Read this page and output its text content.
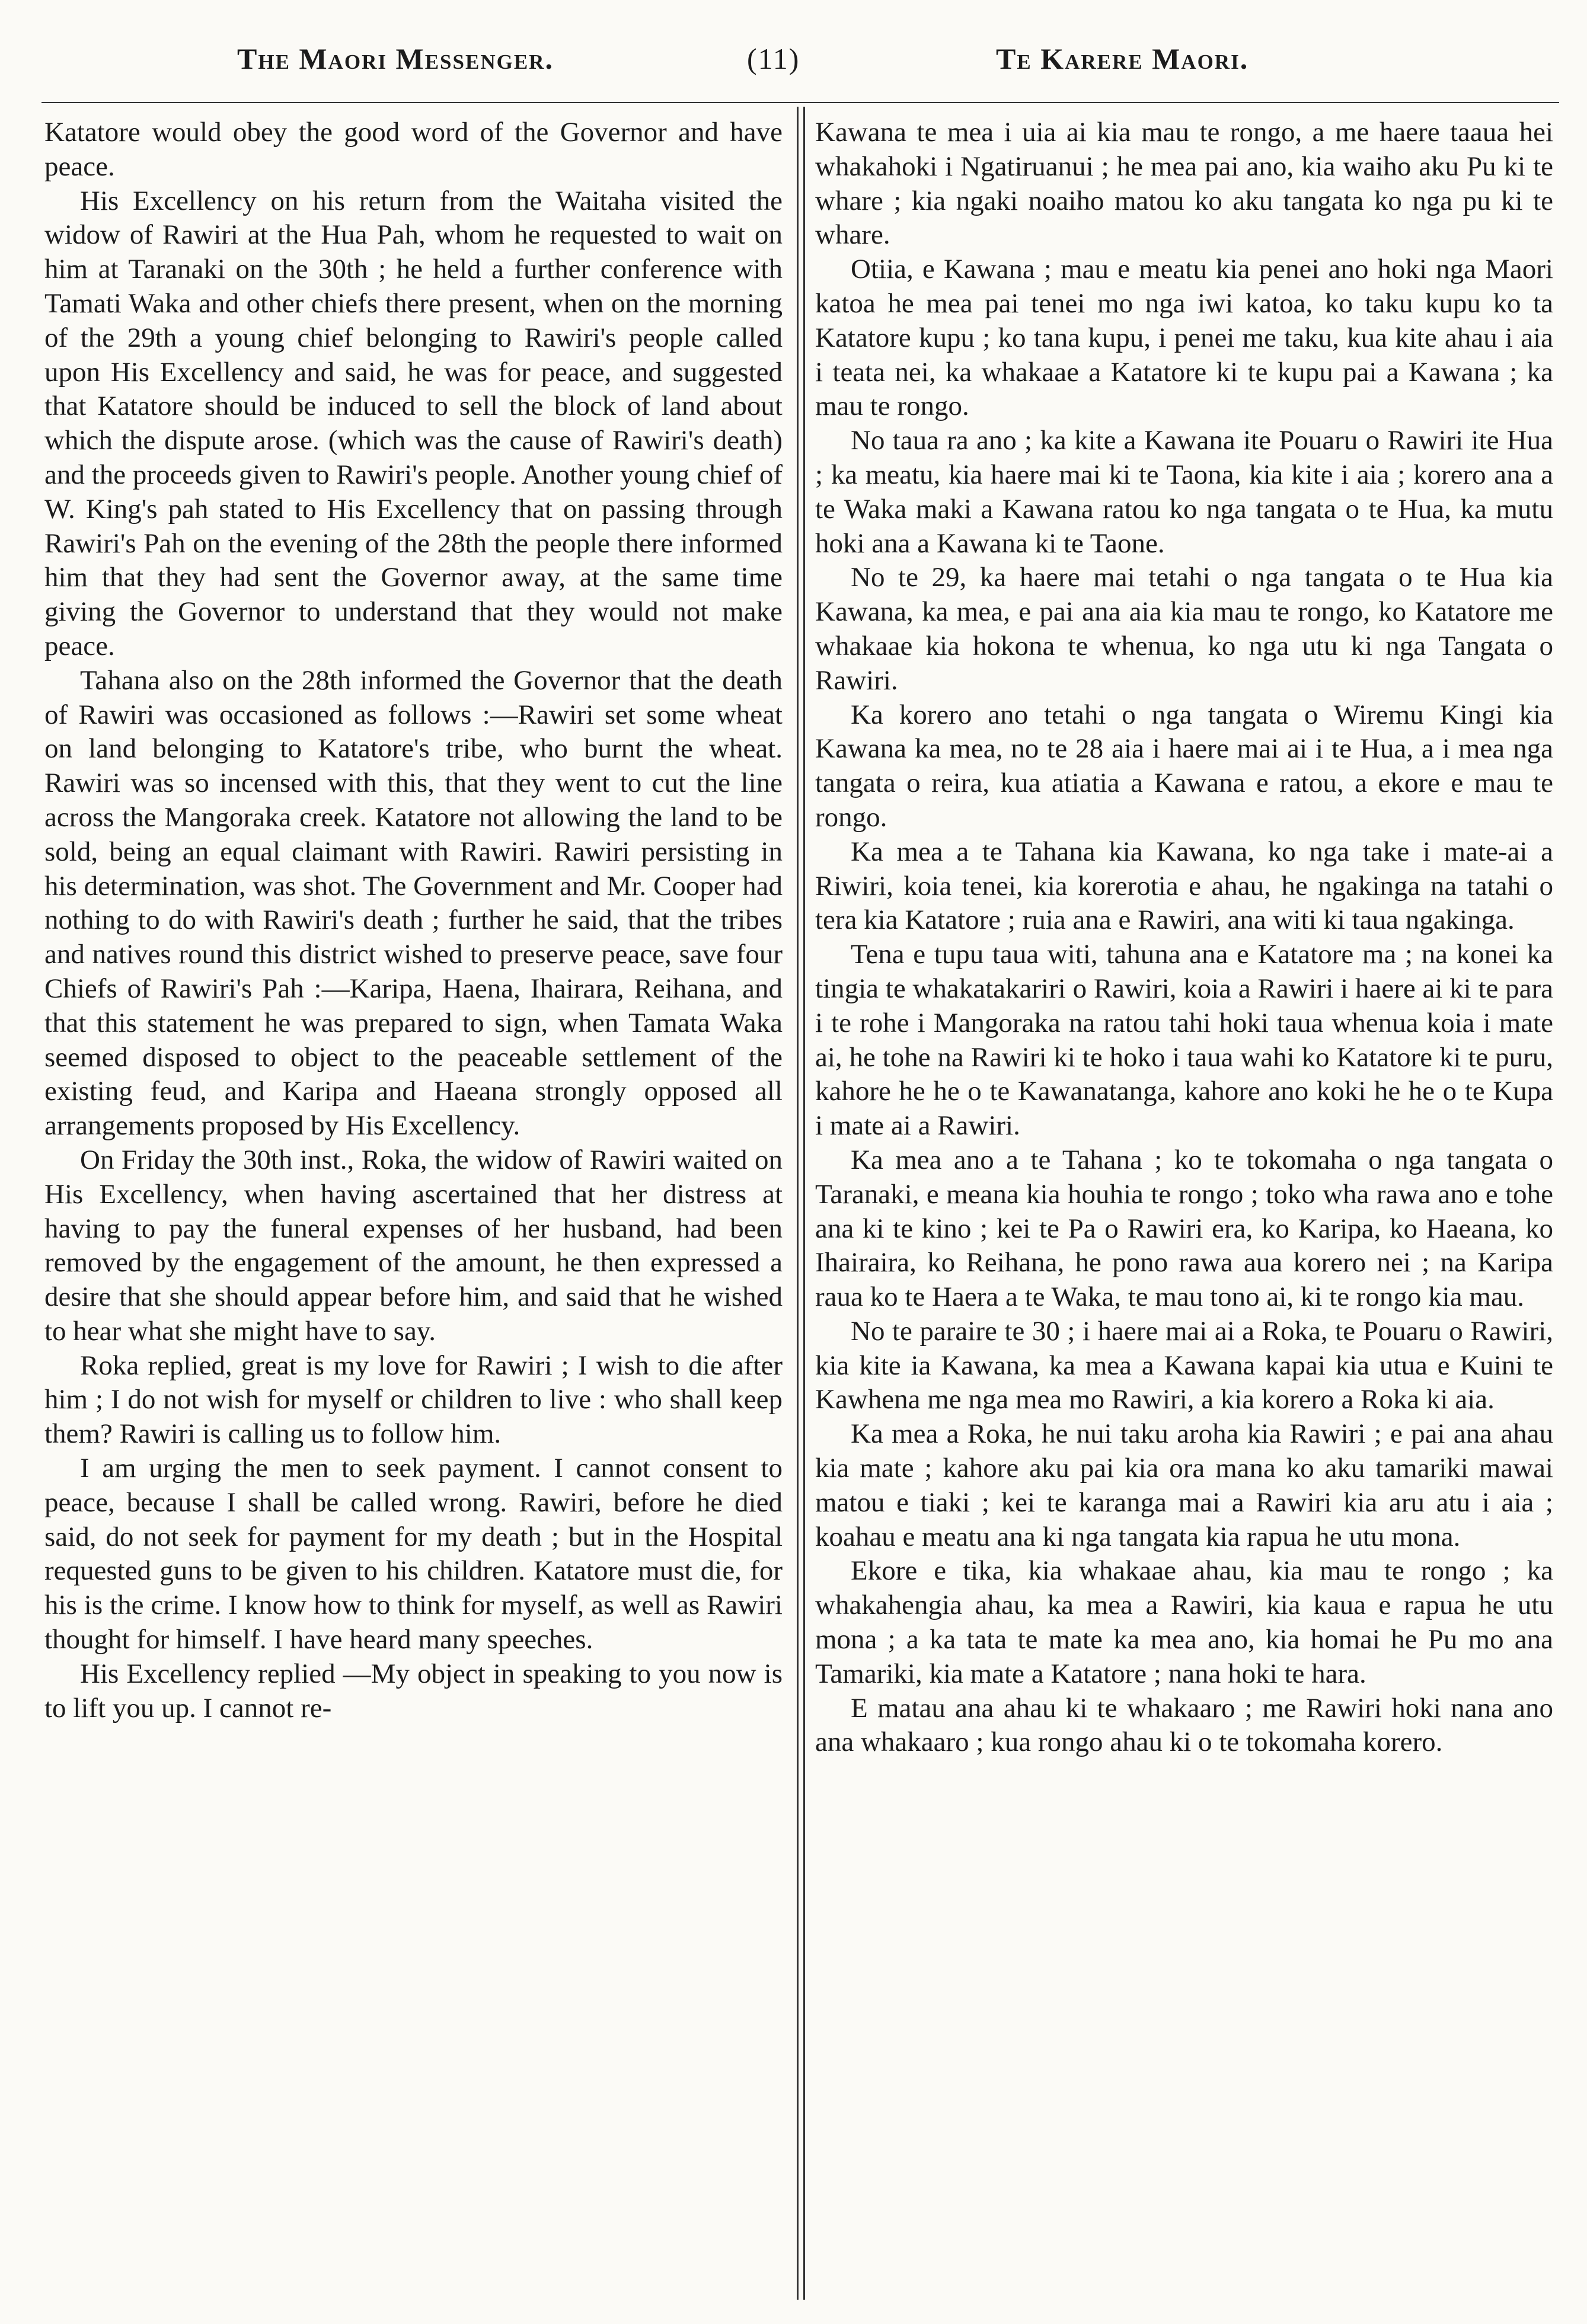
The Maori Messenger.	(11)	Te Karere Maori.

Katatore would obey the good word of the Governor and have peace.

His Excellency on his return from the Waitaha visited the widow of Rawiri at the Hua Pah, whom he requested to wait on him at Taranaki on the 30th ; he held a further conference with Tamati Waka and other chiefs there present, when on the morning of the 29th a young chief belonging to Rawiri's people called upon His Excellency and said, he was for peace, and suggested that Katatore should be induced to sell the block of land about which the dispute arose. (which was the cause of Rawiri's death) and the proceeds given to Rawiri's people. Another young chief of W. King's pah stated to His Excellency that on passing through Rawiri's Pah on the evening of the 28th the people there informed him that they had sent the Governor away, at the same time giving the Governor to understand that they would not make peace.

Tahana also on the 28th informed the Governor that the death of Rawiri was occasioned as follows :—Rawiri set some wheat on land belonging to Katatore's tribe, who burnt the wheat. Rawiri was so incensed with this, that they went to cut the line across the Mangoraka creek. Katatore not allowing the land to be sold, being an equal claimant with Rawiri. Rawiri persisting in his determination, was shot. The Government and Mr. Cooper had nothing to do with Rawiri's death ; further he said, that the tribes and natives round this district wished to preserve peace, save four Chiefs of Rawiri's Pah :—Karipa, Haena, Ihairara, Reihana, and that this statement he was prepared to sign, when Tamata Waka seemed disposed to object to the peaceable settlement of the existing feud, and Karipa and Haeana strongly opposed all arrangements proposed by His Excellency.

On Friday the 30th inst., Roka, the widow of Rawiri waited on His Excellency, when having ascertained that her distress at having to pay the funeral expenses of her husband, had been removed by the engagement of the amount, he then expressed a desire that she should appear before him, and said that he wished to hear what she might have to say.

Roka replied, great is my love for Rawiri ; I wish to die after him ; I do not wish for myself or children to live : who shall keep them? Rawiri is calling us to follow him.

I am urging the men to seek payment. I cannot consent to peace, because I shall be called wrong. Rawiri, before he died said, do not seek for payment for my death ; but in the Hospital requested guns to be given to his children. Katatore must die, for his is the crime. I know how to think for myself, as well as Rawiri thought for himself. I have heard many speeches.

His Excellency replied —My object in speaking to you now is to lift you up. I cannot re-

Kawana te mea i uia ai kia mau te rongo, a me haere taaua hei whakahoki i Ngatiruanui ; he mea pai ano, kia waiho aku Pu ki te whare ; kia ngaki noaiho matou ko aku tangata ko nga pu ki te whare.

Otiia, e Kawana ; mau e meatu kia penei ano hoki nga Maori katoa he mea pai tenei mo nga iwi katoa, ko taku kupu ko ta Katatore kupu ; ko tana kupu, i penei me taku, kua kite ahau i aia i teata nei, ka whakaae a Katatore ki te kupu pai a Kawana ; ka mau te rongo.

No taua ra ano ; ka kite a Kawana ite Pouaru o Rawiri ite Hua ; ka meatu, kia haere mai ki te Taona, kia kite i aia ; korero ana a te Waka maki a Kawana ratou ko nga tangata o te Hua, ka mutu hoki ana a Kawana ki te Taone.

No te 29, ka haere mai tetahi o nga tangata o te Hua kia Kawana, ka mea, e pai ana aia kia mau te rongo, ko Katatore me whakaae kia hokona te whenua, ko nga utu ki nga Tangata o Rawiri.

Ka korero ano tetahi o nga tangata o Wiremu Kingi kia Kawana ka mea, no te 28 aia i haere mai ai i te Hua, a i mea nga tangata o reira, kua atiatia a Kawana e ratou, a ekore e mau te rongo.

Ka mea a te Tahana kia Kawana, ko nga take i mate-ai a Riwiri, koia tenei, kia korerotia e ahau, he ngakinga na tatahi o tera kia Katatore ; ruia ana e Rawiri, ana witi ki taua ngakinga.

Tena e tupu taua witi, tahuna ana e Katatore ma ; na konei ka tingia te whakatakariri o Rawiri, koia a Rawiri i haere ai ki te para i te rohe i Mangoraka na ratou tahi hoki taua whenua koia i mate ai, he tohe na Rawiri ki te hoko i taua wahi ko Katatore ki te puru, kahore he he o te Kawanatanga, kahore ano koki he he o te Kupa i mate ai a Rawiri.

Ka mea ano a te Tahana ; ko te tokomaha o nga tangata o Taranaki, e meana kia houhia te rongo ; toko wha rawa ano e tohe ana ki te kino ; kei te Pa o Rawiri era, ko Karipa, ko Haeana, ko Ihairaira, ko Reihana, he pono rawa aua korero nei ; na Karipa raua ko te Haera a te Waka, te mau tono ai, ki te rongo kia mau.

No te paraire te 30 ; i haere mai ai a Roka, te Pouaru o Rawiri, kia kite ia Kawana, ka mea a Kawana kapai kia utua e Kuini te Kawhena me nga mea mo Rawiri, a kia korero a Roka ki aia.

Ka mea a Roka, he nui taku aroha kia Rawiri ; e pai ana ahau kia mate ; kahore aku pai kia ora mana ko aku tamariki mawai matou e tiaki ; kei te karanga mai a Rawiri kia aru atu i aia ; koahau e meatu ana ki nga tangata kia rapua he utu mona.

Ekore e tika, kia whakaae ahau, kia mau te rongo ; ka whakahengia ahau, ka mea a Rawiri, kia kaua e rapua he utu mona ; a ka tata te mate ka mea ano, kia homai he Pu mo ana Tamariki, kia mate a Katatore ; nana hoki te hara.

E matau ana ahau ki te whakaaro ; me Rawiri hoki nana ano ana whakaaro ; kua rongo ahau ki o te tokomaha korero.
